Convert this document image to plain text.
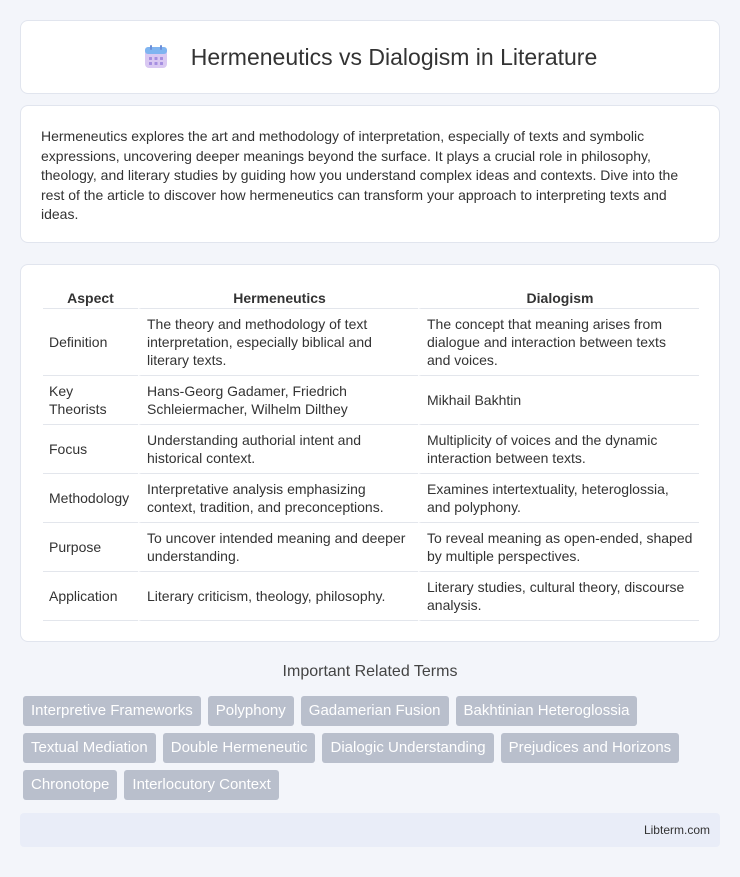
Hermeneutics vs Dialogism in Literature

Hermeneutics explores the art and methodology of interpretation, especially of texts and symbolic expressions, uncovering deeper meanings beyond the surface. It plays a crucial role in philosophy, theology, and literary studies by guiding how you understand complex ideas and contexts. Dive into the rest of the article to discover how hermeneutics can transform your approach to interpreting texts and ideas.

Aspect	Hermeneutics	Dialogism
Definition	The theory and methodology of text interpretation, especially biblical and literary texts.	The concept that meaning arises from dialogue and interaction between texts and voices.
Key Theorists	Hans-Georg Gadamer, Friedrich Schleiermacher, Wilhelm Dilthey	Mikhail Bakhtin
Focus	Understanding authorial intent and historical context.	Multiplicity of voices and the dynamic interaction between texts.
Methodology	Interpretative analysis emphasizing context, tradition, and preconceptions.	Examines intertextuality, heteroglossia, and polyphony.
Purpose	To uncover intended meaning and deeper understanding.	To reveal meaning as open-ended, shaped by multiple perspectives.
Application	Literary criticism, theology, philosophy.	Literary studies, cultural theory, discourse analysis.
Important Related Terms
Interpretive Frameworks	Polyphony	Gadamerian Fusion	Bakhtinian Heteroglossia
Textual Mediation	Double Hermeneutic	Dialogic Understanding	Prejudices and Horizons
Chronotope	Interlocutory Context
Libterm.com
